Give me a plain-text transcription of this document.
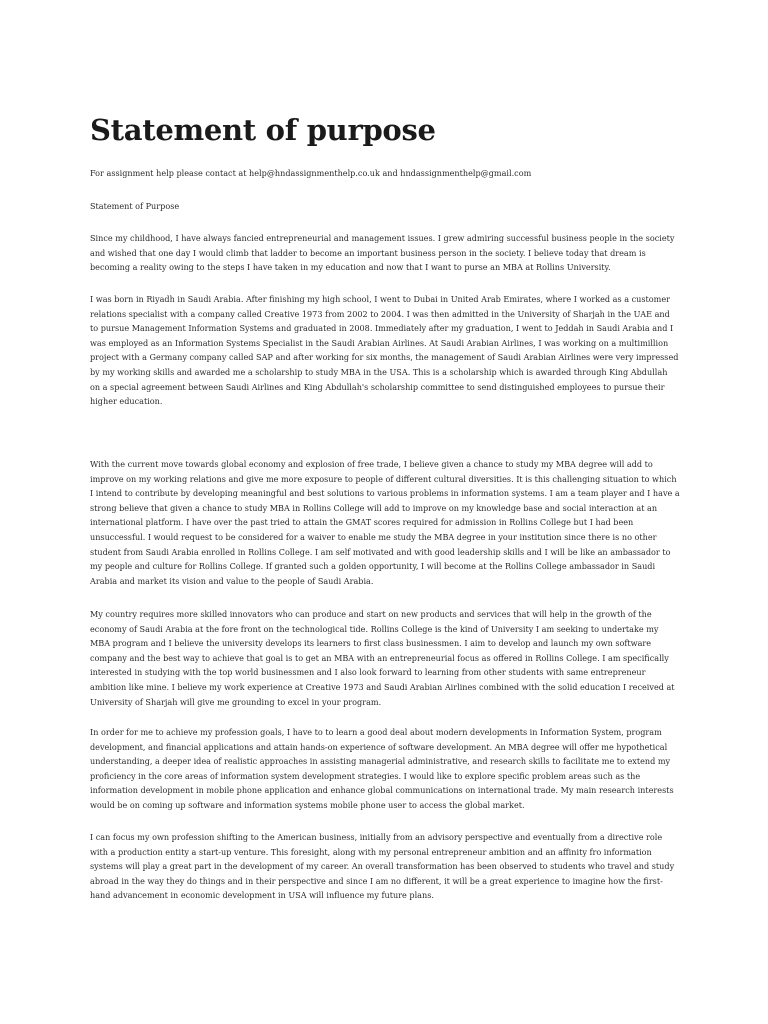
Statement of purpose

For assignment help please contact at help@hndassignmenthelp.co.uk and hndassignmenthelp@gmail.com

Statement of Purpose

Since my childhood, I have always fancied entrepreneurial and management issues. I grew admiring successful business people in the society and wished that one day I would climb that ladder to become an important business person in the society. I believe today that dream is becoming a reality owing to the steps I have taken in my education and now that I want to purse an MBA at Rollins University.

I was born in Riyadh in Saudi Arabia. After finishing my high school, I went to Dubai in United Arab Emirates, where I worked as a customer relations specialist with a company called Creative 1973 from 2002 to 2004. I was then admitted in the University of Sharjah in the UAE and to pursue Management Information Systems and graduated in 2008. Immediately after my graduation, I went to Jeddah in Saudi Arabia and I was employed as an Information Systems Specialist in the Saudi Arabian Airlines. At Saudi Arabian Airlines, I was working on a multimillion project with a Germany company called SAP and after working for six months, the management of Saudi Arabian Airlines were very impressed by my working skills and awarded me a scholarship to study MBA in the USA. This is a scholarship which is awarded through King Abdullah on a special agreement between Saudi Airlines and King Abdullah's scholarship committee to send distinguished employees to pursue their higher education.

With the current move towards global economy and explosion of free trade, I believe given a chance to study my MBA degree will add to improve on my working relations and give me more exposure to people of different cultural diversities. It is this challenging situation to which I intend to contribute by developing meaningful and best solutions to various problems in information systems. I am a team player and I have a strong believe that given a chance to study MBA in Rollins College will add to improve on my knowledge base and social interaction at an international platform. I have over the past tried to attain the GMAT scores required for admission in Rollins College but I had been unsuccessful. I would request to be considered for a waiver to enable me study the MBA degree in your institution since there is no other student from Saudi Arabia enrolled in Rollins College. I am self motivated and with good leadership skills and I will be like an ambassador to my people and culture for Rollins College. If granted such a golden opportunity, I will become at the Rollins College ambassador in Saudi Arabia and market its vision and value to the people of Saudi Arabia.

My country requires more skilled innovators who can produce and start on new products and services that will help in the growth of the economy of Saudi Arabia at the fore front on the technological tide. Rollins College is the kind of University I am seeking to undertake my MBA program and I believe the university develops its learners to first class businessmen. I aim to develop and launch my own software company and the best way to achieve that goal is to get an MBA with an entrepreneurial focus as offered in Rollins College. I am specifically interested in studying with the top world businessmen and I also look forward to learning from other students with same entrepreneur ambition like mine. I believe my work experience at Creative 1973 and Saudi Arabian Airlines combined with the solid education I received at University of Sharjah will give me grounding to excel in your program.

In order for me to achieve my profession goals, I have to to learn a good deal about modern developments in Information System, program development, and financial applications and attain hands-on experience of software development. An MBA degree will offer me hypothetical understanding, a deeper idea of realistic approaches in assisting managerial administrative, and research skills to facilitate me to extend my proficiency in the core areas of information system development strategies. I would like to explore specific problem areas such as the information development in mobile phone application and enhance global communications on international trade. My main research interests would be on coming up software and information systems mobile phone user to access the global market.

I can focus my own profession shifting to the American business, initially from an advisory perspective and eventually from a directive role with a production entity a start-up venture. This foresight, along with my personal entrepreneur ambition and an affinity fro information systems will play a great part in the development of my career. An overall transformation has been observed to students who travel and study abroad in the way they do things and in their perspective and since I am no different, it will be a great experience to imagine how the first-hand advancement in economic development in USA will influence my future plans.
